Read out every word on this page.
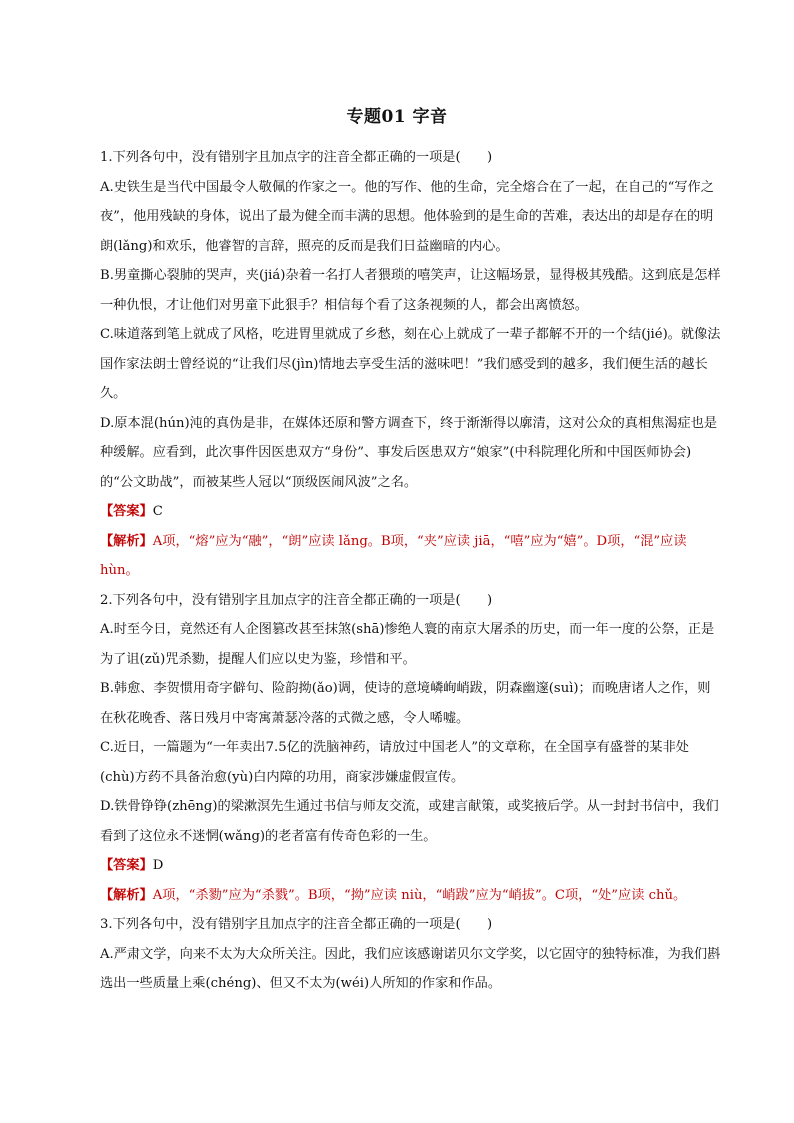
专题01 字音

1.下列各句中，没有错别字且加点字的注音全都正确的一项是(　　)

A.史铁生是当代中国最令人敬佩的作家之一。他的写作、他的生命，完全熔合在了一起，在自己的“写作之夜”，他用残缺的身体，说出了最为健全而丰满的思想。他体验到的是生命的苦难，表达出的却是存在的明朗(lǎng)和欢乐，他睿智的言辞，照亮的反而是我们日益幽暗的内心。

B.男童撕心裂肺的哭声，夹(jiá)杂着一名打人者猥琐的嘻笑声，让这幅场景，显得极其残酷。这到底是怎样一种仇恨，才让他们对男童下此狠手？相信每个看了这条视频的人，都会出离愤怒。

C.味道落到笔上就成了风格，吃进胃里就成了乡愁，刻在心上就成了一辈子都解不开的一个结(jié)。就像法国作家法朗士曾经说的“让我们尽(jìn)情地去享受生活的滋味吧！”我们感受到的越多，我们便生活的越长久。

D.原本混(hún)沌的真伪是非，在媒体还原和警方调查下，终于渐渐得以廓清，这对公众的真相焦渴症也是种缓解。应看到，此次事件因医患双方“身份”、事发后医患双方“娘家”(中科院理化所和中国医师协会)的“公文助战”，而被某些人冠以“顶级医闹风波”之名。

【答案】C

【解析】A项，“熔”应为“融”，“朗”应读 lǎng。B项，“夹”应读 jiā，“嘻”应为“嬉”。D项，“混”应读 hùn。

2.下列各句中，没有错别字且加点字的注音全都正确的一项是(　　)

A.时至今日，竟然还有人企图篡改甚至抹煞(shā)惨绝人寰的南京大屠杀的历史，而一年一度的公祭，正是为了诅(zǔ)咒杀勠，提醒人们应以史为鉴，珍惜和平。

B.韩愈、李贺惯用奇字僻句、险韵拗(ǎo)调，使诗的意境嶙峋峭跋，阴森幽邃(suì)；而晚唐诸人之作，则在秋花晚香、落日残月中寄寓萧瑟冷落的式微之感，令人唏嘘。

C.近日，一篇题为“一年卖出7.5亿的洗脑神药，请放过中国老人”的文章称，在全国享有盛誉的某非处(chù)方药不具备治愈(yù)白内障的功用，商家涉嫌虚假宣传。

D.铁骨铮铮(zhēng)的梁漱溟先生通过书信与师友交流，或建言献策，或奖掖后学。从一封封书信中，我们看到了这位永不迷惘(wǎng)的老者富有传奇色彩的一生。

【答案】D

【解析】A项，“杀勠”应为“杀戮”。B项，“拗”应读 niù，“峭跋”应为“峭拔”。C项，“处”应读 chǔ。

3.下列各句中，没有错别字且加点字的注音全都正确的一项是(　　)

A.严肃文学，向来不太为大众所关注。因此，我们应该感谢诺贝尔文学奖，以它固守的独特标准，为我们斟选出一些质量上乘(chéng)、但又不太为(wéi)人所知的作家和作品。
